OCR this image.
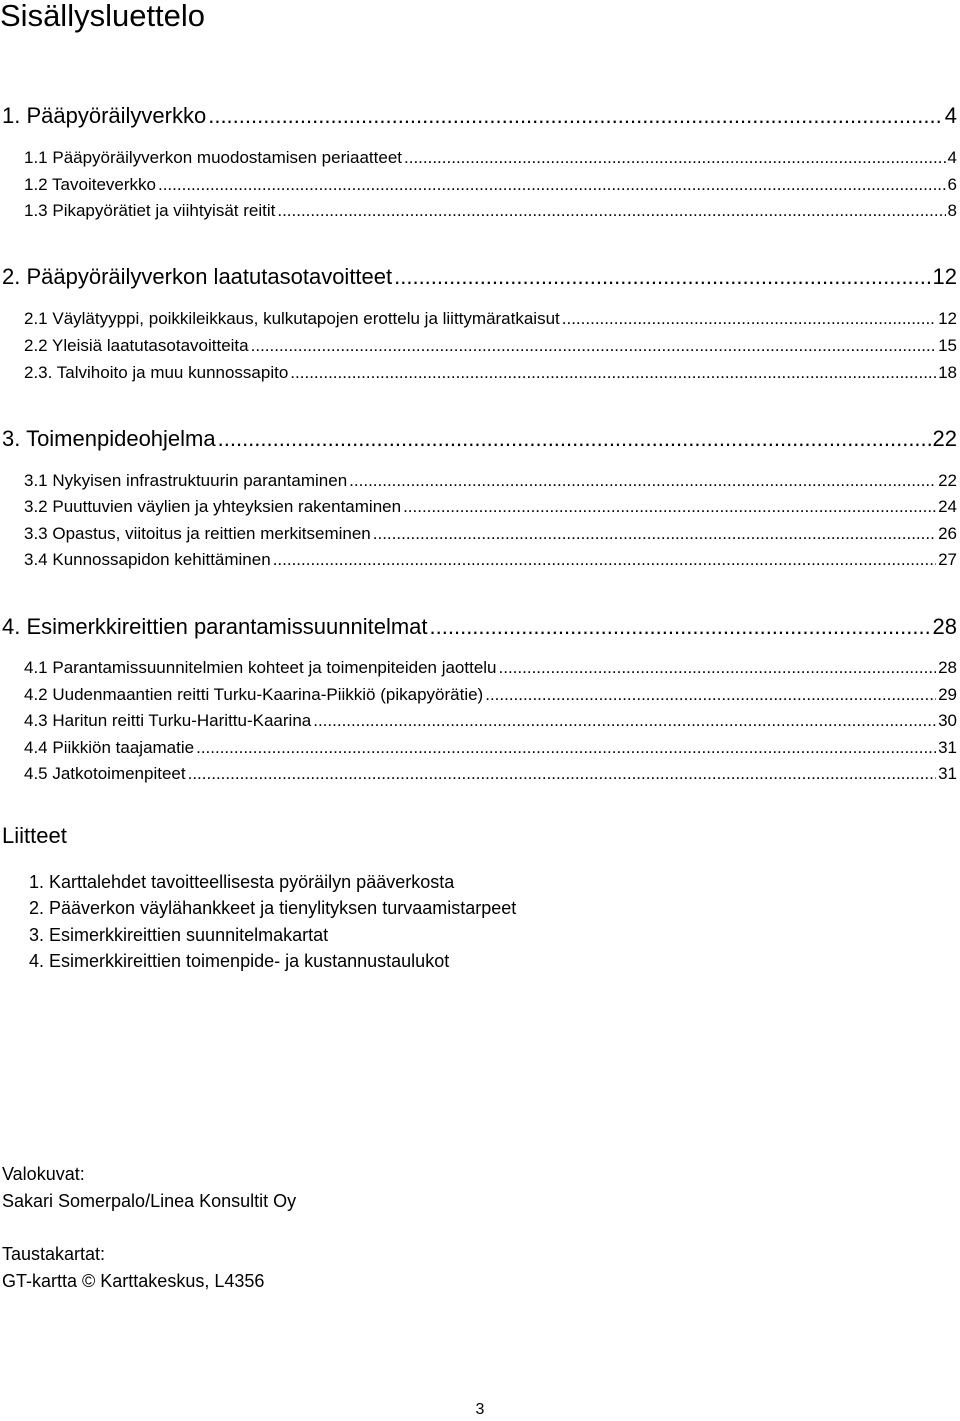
Sisällysluettelo
1. Pääpyöräilyverkko .....	4
1.1 Pääpyöräilyverkon muodostamisen periaatteet .....	4
1.2 Tavoiteverkko .....	6
1.3 Pikapyörätiet ja viihtyisät reitit .....	8
2. Pääpyöräilyverkon laatutasotavoitteet .....	12
2.1 Väylätyyppi, poikkileikkaus, kulkutapojen erottelu ja liittymäratkaisut .....	12
2.2 Yleisiä laatutasotavoitteita .....	15
2.3. Talvihoito ja muu kunnossapito .....	18
3. Toimenpideohjelma .....	22
3.1 Nykyisen infrastruktuurin parantaminen .....	22
3.2 Puuttuvien väylien ja yhteyksien rakentaminen .....	24
3.3 Opastus, viitoitus ja reittien merkitseminen .....	26
3.4 Kunnossapidon kehittäminen .....	27
4. Esimerkkireittien parantamissuunnitelmat .....	28
4.1 Parantamissuunnitelmien kohteet ja toimenpiteiden jaottelu .....	28
4.2 Uudenmaantien reitti Turku-Kaarina-Piikkiö (pikapyörätie) .....	29
4.3 Haritun reitti Turku-Harittu-Kaarina .....	30
4.4 Piikkiön taajamatie .....	31
4.5 Jatkotoimenpiteet .....	31
Liitteet
1. Karttalehdet tavoitteellisesta pyöräilyn pääverkosta
2. Pääverkon väylähankkeet ja tienylityksen turvaamistarpeet
3. Esimerkkireittien suunnitelmakartat
4. Esimerkkireittien toimenpide- ja kustannustaulukot
Valokuvat:
Sakari Somerpalo/Linea Konsultit Oy
Taustakartat:
GT-kartta © Karttakeskus, L4356
3
